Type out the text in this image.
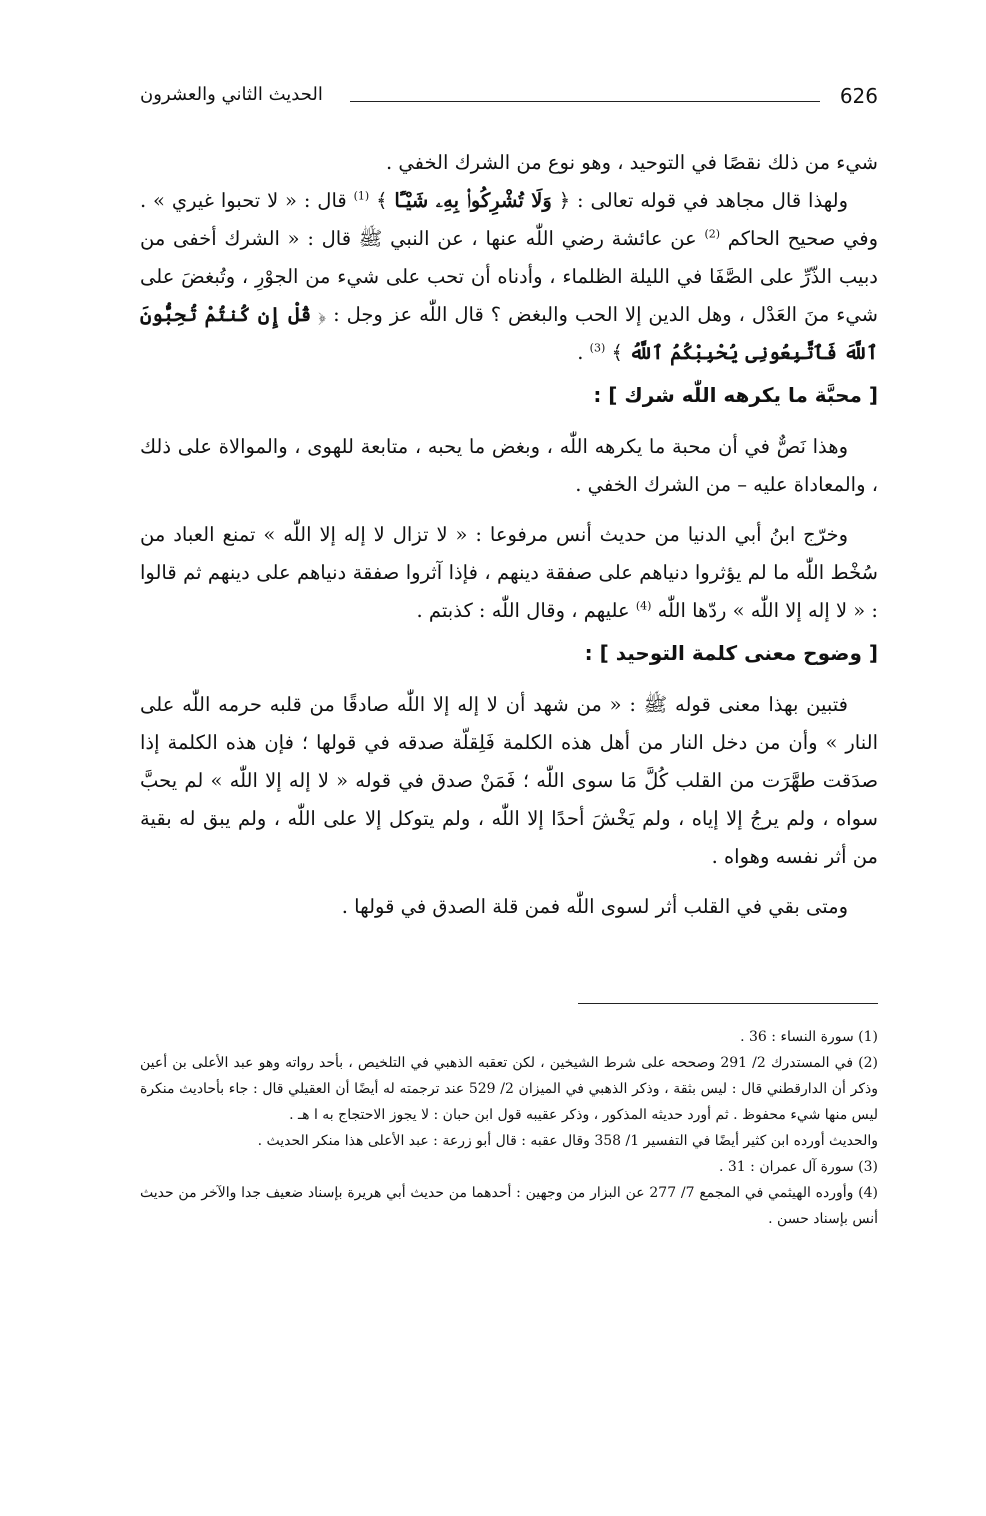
626
الحديث الثاني والعشرون

شيء من ذلك نقصًا في التوحيد ، وهو نوع من الشرك الخفي .

ولهذا قال مجاهد في قوله تعالى : ﴿ وَلَا تُشْرِكُوا۟ بِهِۦ شَيْـًٔا ﴾ $^{(1)}$ قال : « لا تحبوا غيري » . وفي صحيح الحاكم $^{(2)}$ عن عائشة رضي اللّٰه عنها ، عن النبي ﷺ قال : « الشرك أخفى من دبيب الذّرِّ على الصَّفَا في الليلة الظلماء ، وأدناه أن تحب على شيء من الجوْرِ ، وتُبغضَ على شيء منَ العَدْل ، وهل الدين إلا الحب والبغض ؟ قال اللّٰه عز وجل : ﴿ قُلْ إِن كُنتُمْ تُحِبُّونَ ٱللَّهَ فَٱتَّبِعُونِى يُحْبِبْكُمُ ٱللَّهُ ﴾ $^{(3)}$ .

[ محبَّة ما يكرهه اللّٰه شرك ] :

وهذا نَصٌّ في أن محبة ما يكرهه اللّٰه ، وبغض ما يحبه ، متابعة للهوى ، والموالاة على ذلك ، والمعاداة عليه – من الشرك الخفي .

وخرّج ابنُ أبي الدنيا من حديث أنس مرفوعا : « لا تزال لا إله إلا اللّٰه » تمنع العباد من سُخْط اللّٰه ما لم يؤثروا دنياهم على صفقة دينهم ، فإذا آثروا صفقة دنياهم على دينهم ثم قالوا : « لا إله إلا اللّٰه » ردّها اللّٰه $^{(4)}$ عليهم ، وقال اللّٰه : كذبتم .

[ وضوح معنى كلمة التوحيد ] :

فتبين بهذا معنى قوله ﷺ : « من شهد أن لا إله إلا اللّٰه صادقًا من قلبه حرمه اللّٰه على النار » وأن من دخل النار من أهل هذه الكلمة فَلِقلّة صدقه في قولها ؛ فإن هذه الكلمة إذا صدَقت طهَّرَت من القلب كُلَّ مَا سوى اللّٰه ؛ فَمَنْ صدق في قوله « لا إله إلا اللّٰه » لم يحبَّ سواه ، ولم يرجُ إلا إياه ، ولم يَخْشَ أحدًا إلا اللّٰه ، ولم يتوكل إلا على اللّٰه ، ولم يبق له بقية من أثر نفسه وهواه .

ومتى بقي في القلب أثر لسوى اللّٰه فمن قلة الصدق في قولها .

(1) سورة النساء : 36 .

(2) في المستدرك 2/ 291 وصححه على شرط الشيخين ، لكن تعقبه الذهبي في التلخيص ، بأحد رواته وهو عبد الأعلى بن أعين وذكر أن الدارقطني قال : ليس بثقة ، وذكر الذهبي في الميزان 2/ 529 عند ترجمته له أيضًا أن العقيلي قال : جاء بأحاديث منكرة ليس منها شيء محفوظ . ثم أورد حديثه المذكور ، وذكر عقيبه قول ابن حبان : لا يجوز الاحتجاج به ا هـ .

والحديث أورده ابن كثير أيضًا في التفسير 1/ 358 وقال عقبه : قال أبو زرعة : عبد الأعلى هذا منكر الحديث .

(3) سورة آل عمران : 31 .

(4) وأورده الهيثمي في المجمع 7/ 277 عن البزار من وجهين : أحدهما من حديث أبي هريرة بإسناد ضعيف جدا والآخر من حديث أنس بإسناد حسن .
